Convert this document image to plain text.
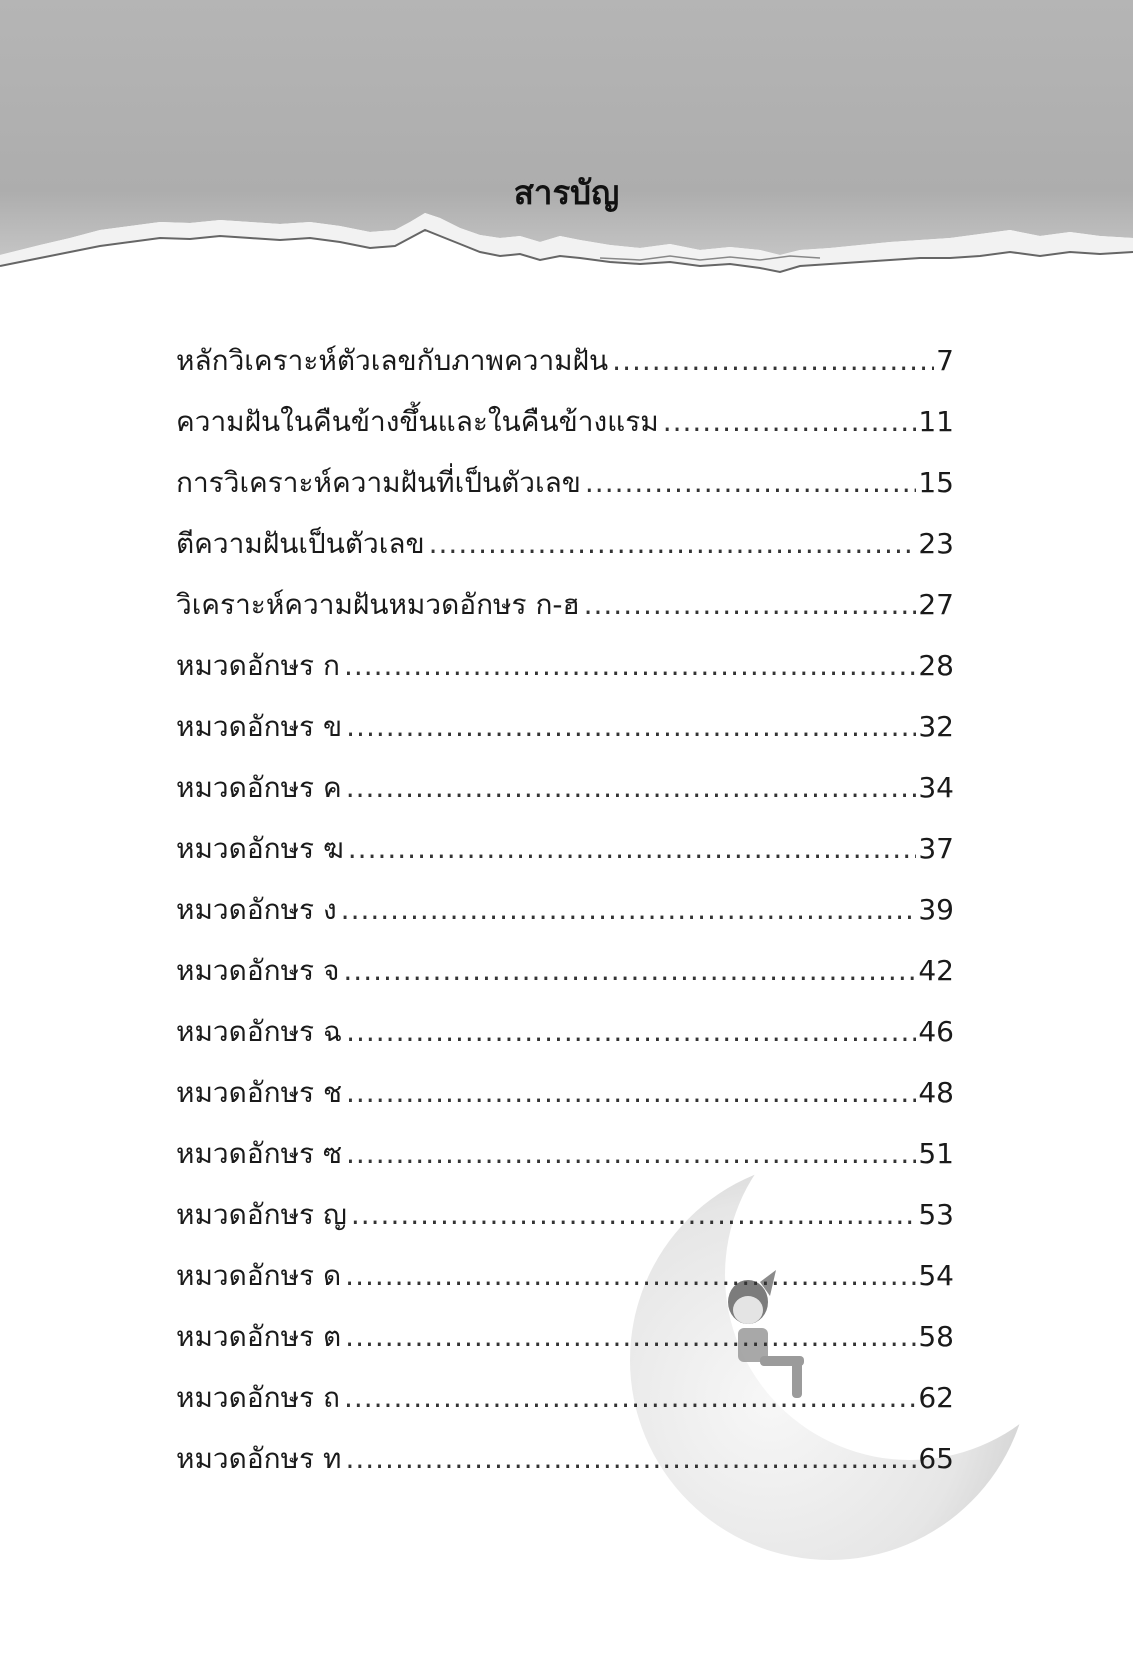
สารบัญ
หลักวิเคราะห์ตัวเลขกับภาพความฝัน .....	7
ความฝันในคืนข้างขึ้นและในคืนข้างแรม .....	11
การวิเคราะห์ความฝันที่เป็นตัวเลข .....	15
ตีความฝันเป็นตัวเลข .....	23
วิเคราะห์ความฝันหมวดอักษร ก-ฮ .....	27
หมวดอักษร ก .....	28
หมวดอักษร ข .....	32
หมวดอักษร ค .....	34
หมวดอักษร ฆ .....	37
หมวดอักษร ง .....	39
หมวดอักษร จ .....	42
หมวดอักษร ฉ .....	46
หมวดอักษร ช .....	48
หมวดอักษร ซ .....	51
หมวดอักษร ญ .....	53
หมวดอักษร ด .....	54
หมวดอักษร ต .....	58
หมวดอักษร ถ .....	62
หมวดอักษร ท .....	65
